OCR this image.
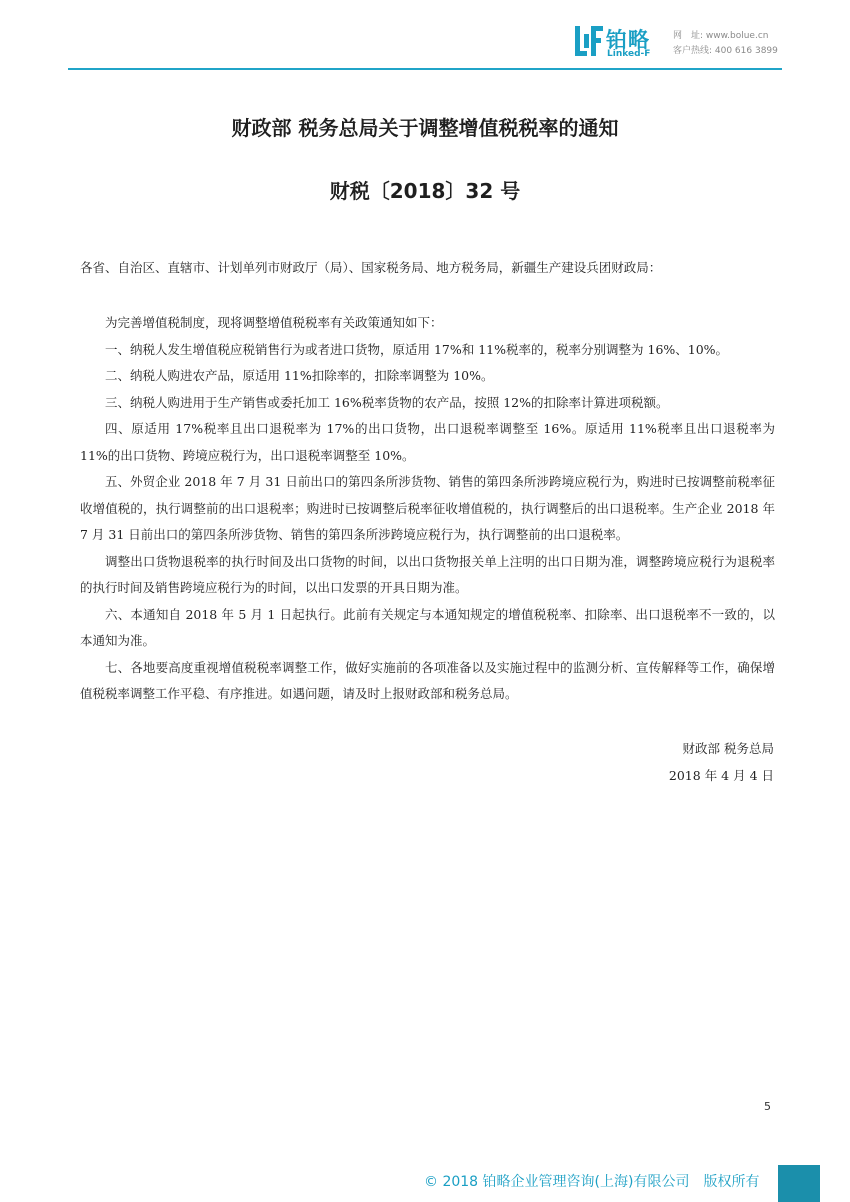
铂略
Linked-F
网　址: www.bolue.cn
客户热线: 400 616 3899
财政部 税务总局关于调整增值税税率的通知
财税〔2018〕32 号
各省、自治区、直辖市、计划单列市财政厅（局）、国家税务局、地方税务局，新疆生产建设兵团财政局：

为完善增值税制度，现将调整增值税税率有关政策通知如下：

一、纳税人发生增值税应税销售行为或者进口货物，原适用 17%和 11%税率的，税率分别调整为 16%、10%。

二、纳税人购进农产品，原适用 11%扣除率的，扣除率调整为 10%。

三、纳税人购进用于生产销售或委托加工 16%税率货物的农产品，按照 12%的扣除率计算进项税额。

四、原适用 17%税率且出口退税率为 17%的出口货物，出口退税率调整至 16%。原适用 11%税率且出口退税率为 11%的出口货物、跨境应税行为，出口退税率调整至 10%。

五、外贸企业 2018 年 7 月 31 日前出口的第四条所涉货物、销售的第四条所涉跨境应税行为，购进时已按调整前税率征收增值税的，执行调整前的出口退税率；购进时已按调整后税率征收增值税的，执行调整后的出口退税率。生产企业 2018 年 7 月 31 日前出口的第四条所涉货物、销售的第四条所涉跨境应税行为，执行调整前的出口退税率。

调整出口货物退税率的执行时间及出口货物的时间，以出口货物报关单上注明的出口日期为准，调整跨境应税行为退税率的执行时间及销售跨境应税行为的时间，以出口发票的开具日期为准。

六、本通知自 2018 年 5 月 1 日起执行。此前有关规定与本通知规定的增值税税率、扣除率、出口退税率不一致的，以本通知为准。

七、各地要高度重视增值税税率调整工作，做好实施前的各项准备以及实施过程中的监测分析、宣传解释等工作，确保增值税税率调整工作平稳、有序推进。如遇问题，请及时上报财政部和税务总局。

财政部 税务总局
2018 年 4 月 4 日
5
© 2018 铂略企业管理咨询(上海)有限公司　版权所有
